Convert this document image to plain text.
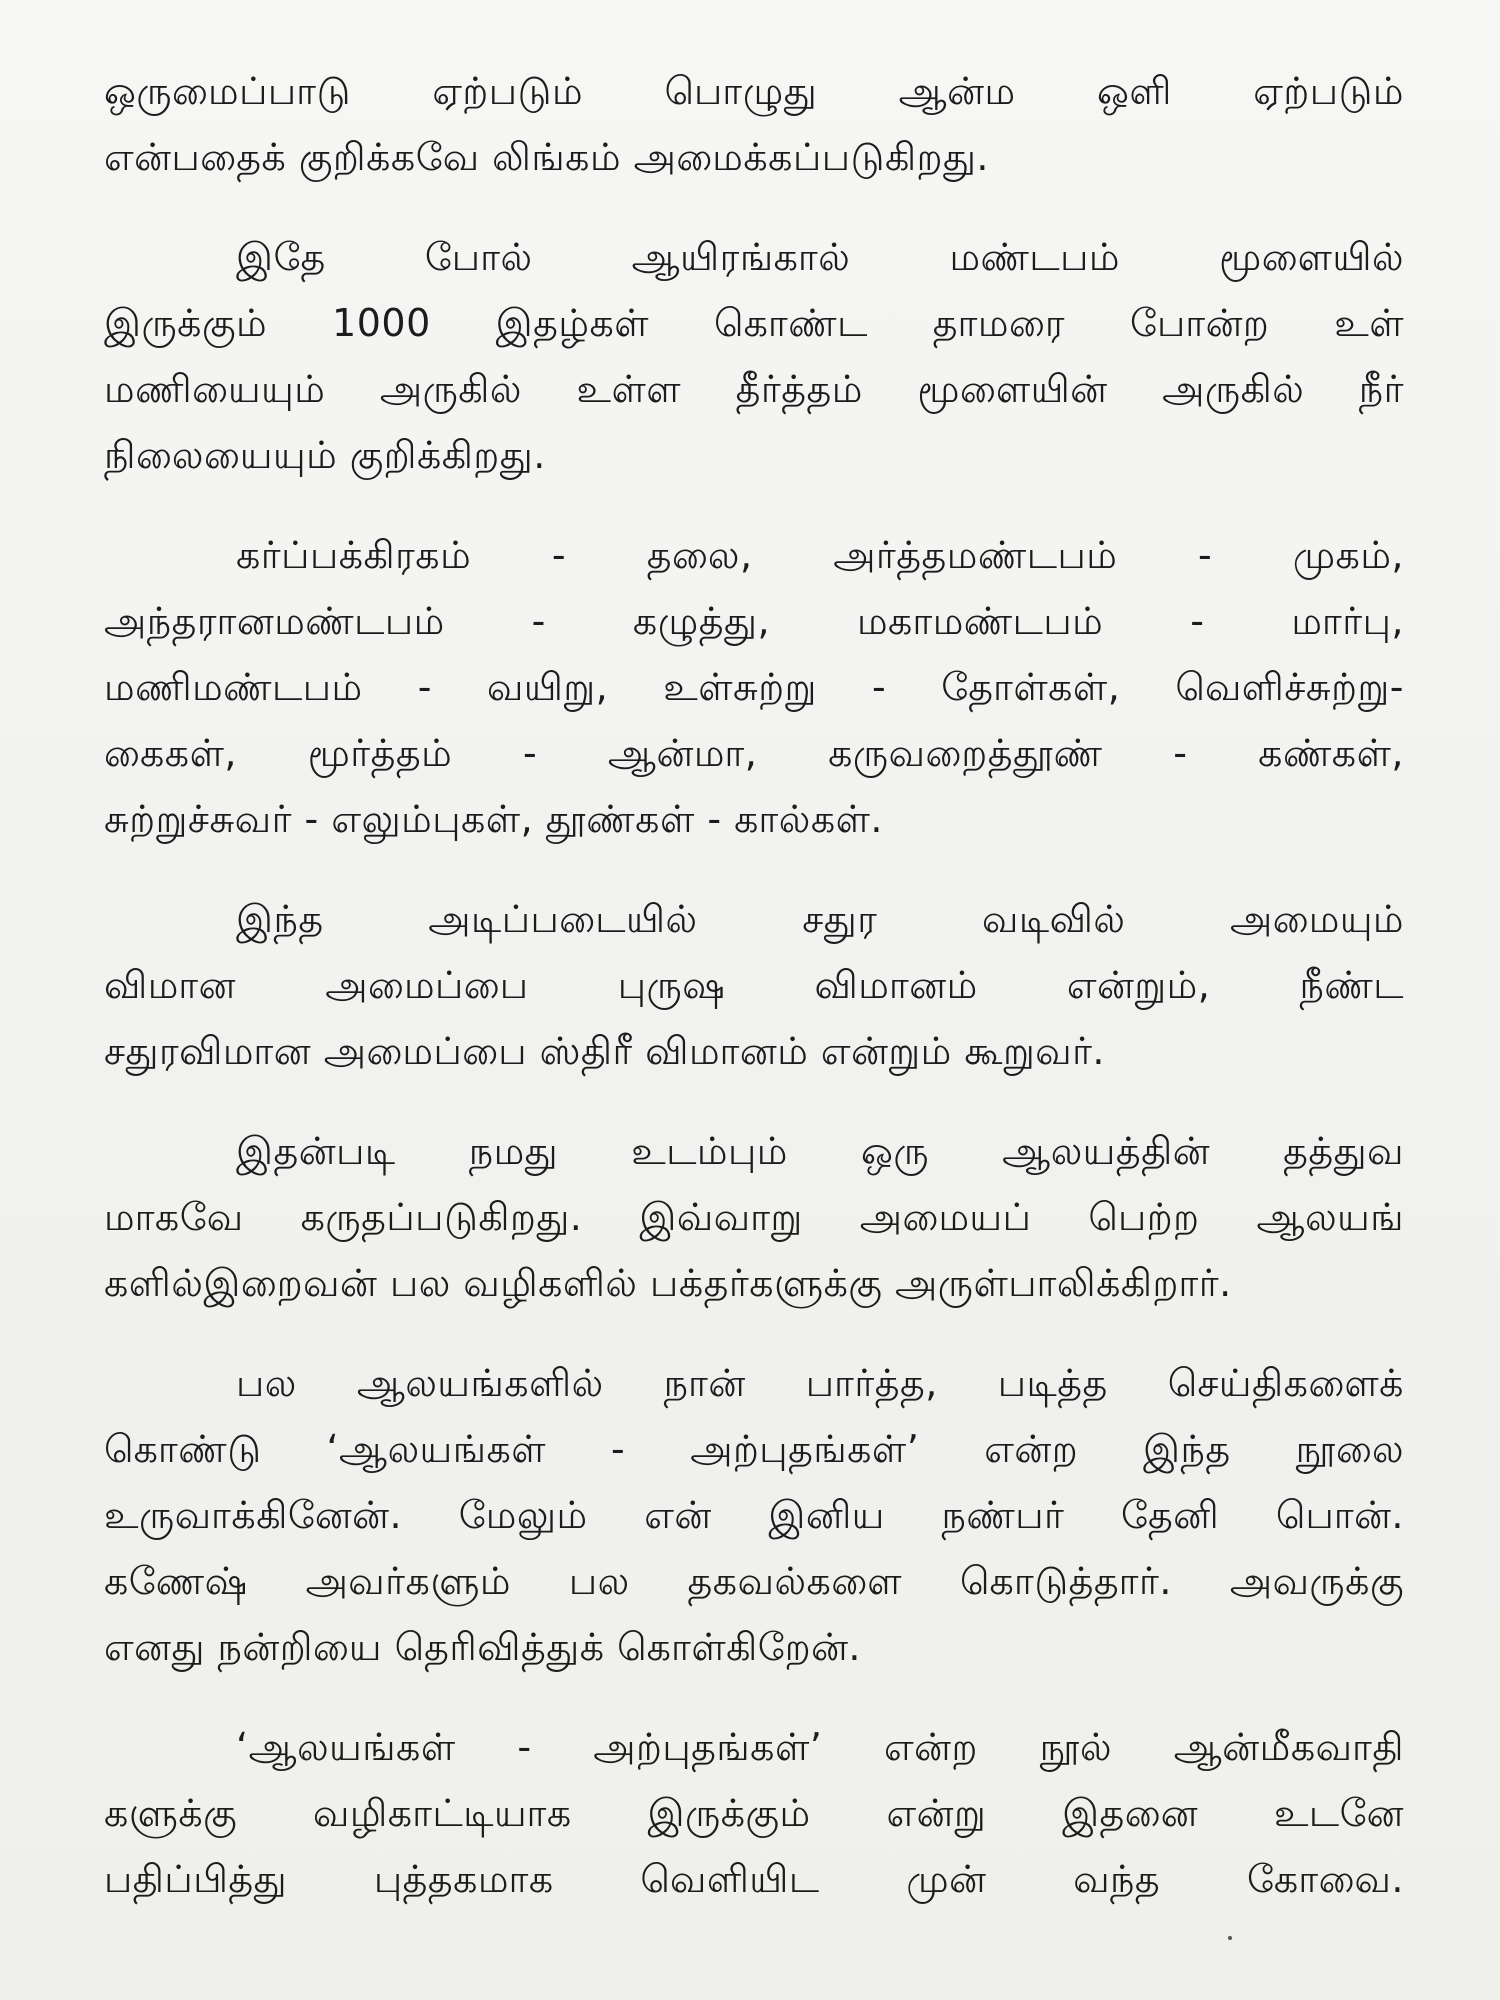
ஒருமைப்பாடு ஏற்படும் பொழுது ஆன்ம ஒளி ஏற்படும்
என்பதைக் குறிக்கவே லிங்கம் அமைக்கப்படுகிறது.
இதே போல் ஆயிரங்கால் மண்டபம் மூளையில்
இருக்கும் 1000 இதழ்கள் கொண்ட தாமரை போன்ற உள்
மணியையும் அருகில் உள்ள தீர்த்தம் மூளையின் அருகில் நீர்
நிலையையும் குறிக்கிறது.
கர்ப்பக்கிரகம் - தலை, அர்த்தமண்டபம் - முகம்,
அந்தரானமண்டபம் - கழுத்து, மகாமண்டபம் - மார்பு,
மணிமண்டபம் - வயிறு, உள்சுற்று - தோள்கள், வெளிச்சுற்று-
கைகள், மூர்த்தம் - ஆன்மா, கருவறைத்தூண் - கண்கள்,
சுற்றுச்சுவர் - எலும்புகள், தூண்கள் - கால்கள்.
இந்த அடிப்படையில் சதுர வடிவில் அமையும்
விமான அமைப்பை புருஷ விமானம் என்றும், நீண்ட
சதுரவிமான அமைப்பை ஸ்திரீ விமானம் என்றும் கூறுவர்.
இதன்படி நமது உடம்பும் ஒரு ஆலயத்தின் தத்துவ
மாகவே கருதப்படுகிறது. இவ்வாறு அமையப் பெற்ற ஆலயங்
களில்இறைவன் பல வழிகளில் பக்தர்களுக்கு அருள்பாலிக்கிறார்.
பல ஆலயங்களில் நான் பார்த்த, படித்த செய்திகளைக்
கொண்டு ‘ஆலயங்கள் - அற்புதங்கள்’ என்ற இந்த நூலை
உருவாக்கினேன். மேலும் என் இனிய நண்பர் தேனி பொன்.
கணேஷ் அவர்களும் பல தகவல்களை கொடுத்தார். அவருக்கு
எனது நன்றியை தெரிவித்துக் கொள்கிறேன்.
‘ஆலயங்கள் - அற்புதங்கள்’ என்ற நூல் ஆன்மீகவாதி
களுக்கு வழிகாட்டியாக இருக்கும் என்று இதனை உடனே
பதிப்பித்து புத்தகமாக வெளியிட முன் வந்த கோவை.
